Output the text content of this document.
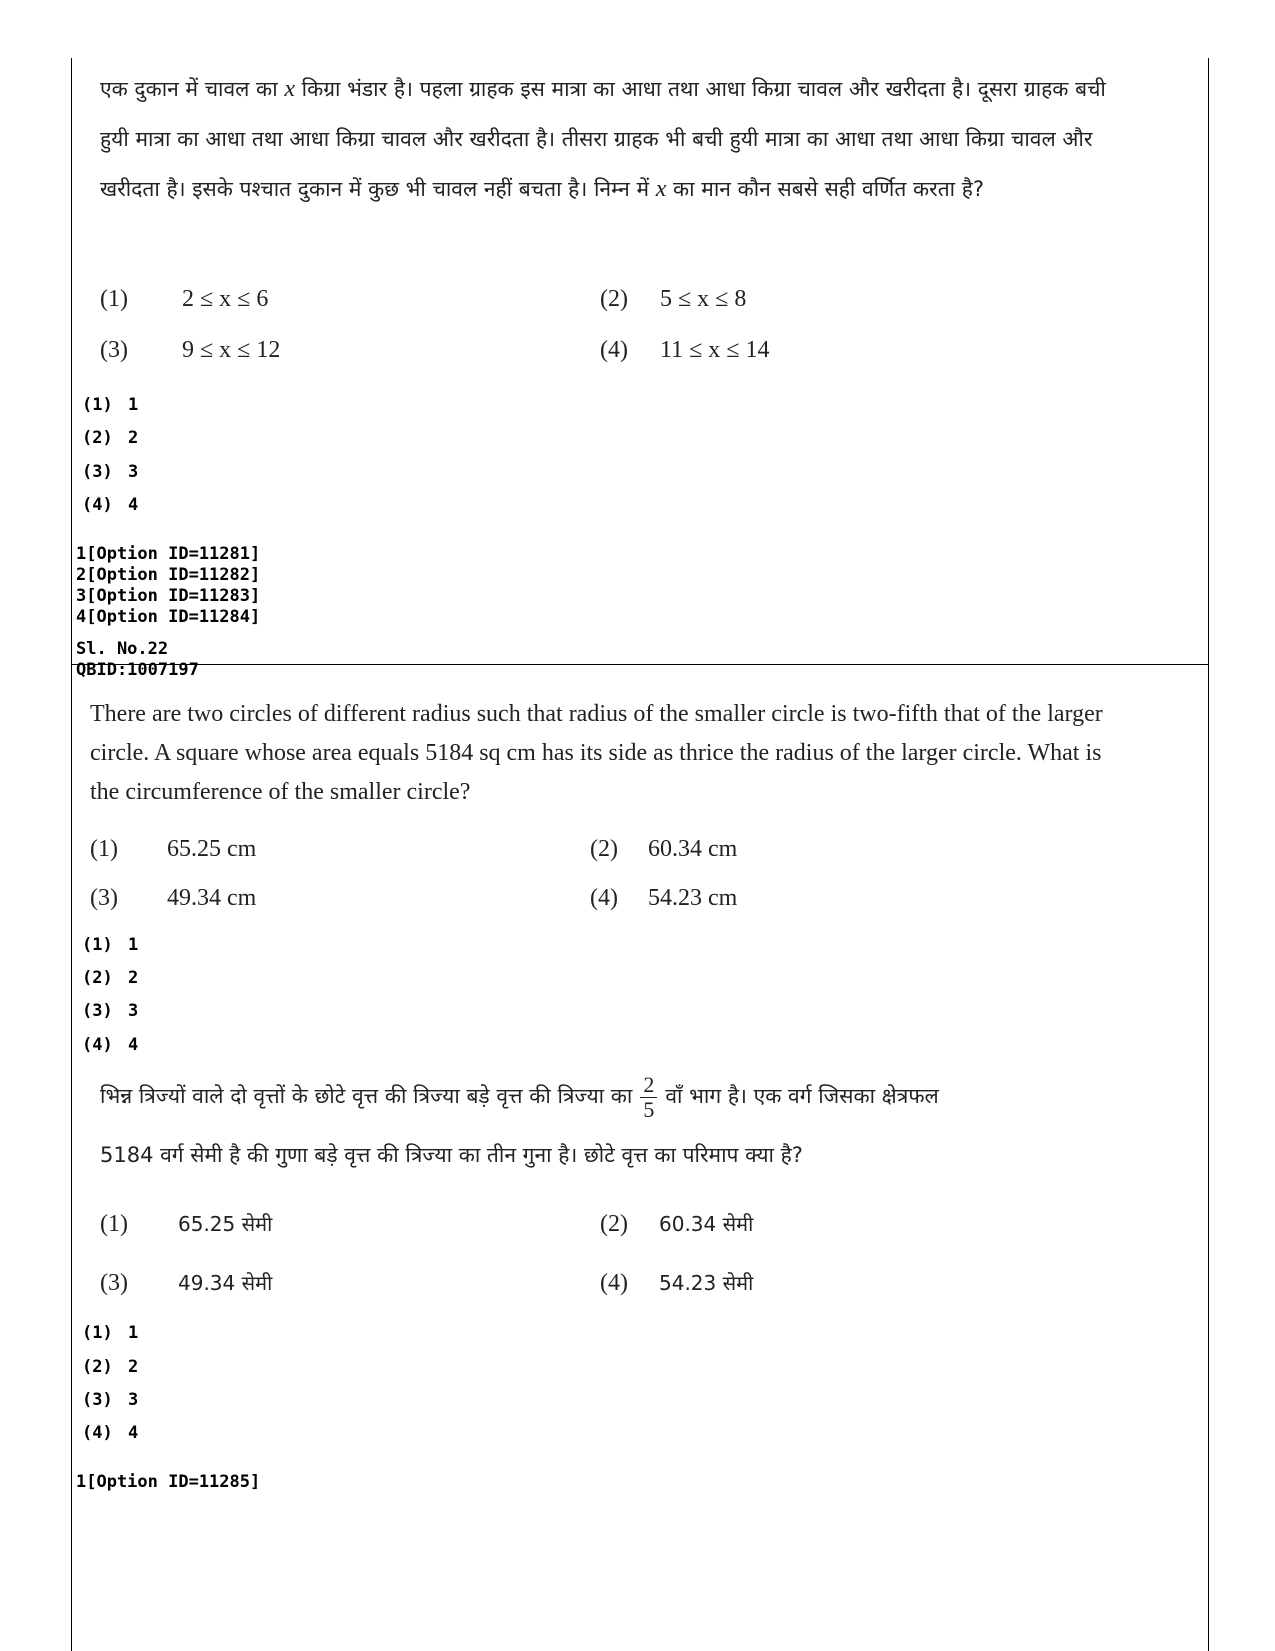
एक दुकान में चावल का x किग्रा भंडार है। पहला ग्राहक इस मात्रा का आधा तथा आधा किग्रा चावल और खरीदता है। दूसरा ग्राहक बची हुयी मात्रा का आधा तथा आधा किग्रा चावल और खरीदता है। तीसरा ग्राहक भी बची हुयी मात्रा का आधा तथा आधा किग्रा चावल और खरीदता है। इसके पश्चात दुकान में कुछ भी चावल नहीं बचता है। निम्न में x का मान कौन सबसे सही वर्णित करता है?
(1) 2 ≤ x ≤ 6	(2) 5 ≤ x ≤ 8
(3) 9 ≤ x ≤ 12	(4) 11 ≤ x ≤ 14
(1) 1
(2) 2
(3) 3
(4) 4
1[Option ID=11281]
2[Option ID=11282]
3[Option ID=11283]
4[Option ID=11284]
Sl. No.22
QBID:1007197
There are two circles of different radius such that radius of the smaller circle is two-fifth that of the larger circle. A square whose area equals 5184 sq cm has its side as thrice the radius of the larger circle. What is the circumference of the smaller circle?
(1) 65.25 cm	(2) 60.34 cm
(3) 49.34 cm	(4) 54.23 cm
(1) 1
(2) 2
(3) 3
(4) 4
भिन्न त्रिज्यों वाले दो वृत्तों के छोटे वृत्त की त्रिज्या बड़े वृत्त की त्रिज्या का $\frac{2}{5}$ वाँ भाग है। एक वर्ग जिसका क्षेत्रफल
5184 वर्ग सेमी है की गुणा बड़े वृत्त की त्रिज्या का तीन गुना है। छोटे वृत्त का परिमाप क्या है?
(1)	65.25 सेमी	(2) 60.34 सेमी
(3)	49.34 सेमी	(4) 54.23 सेमी
(1) 1
(2) 2
(3) 3
(4) 4
1[Option ID=11285]
